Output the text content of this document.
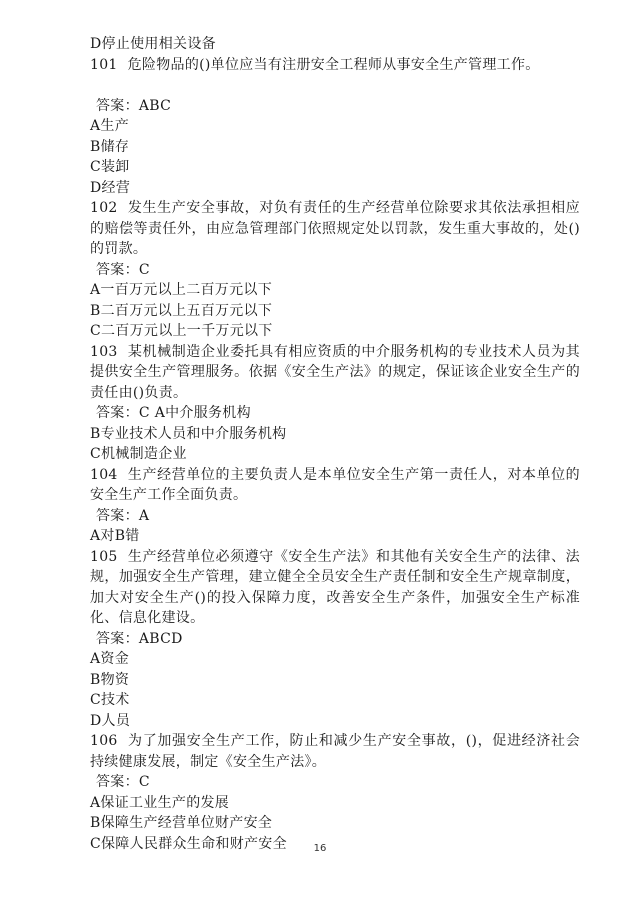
D停止使用相关设备
101 危险物品的()单位应当有注册安全工程师从事安全生产管理工作。
答案：ABC
A生产
B储存
C装卸
D经营
102 发生生产安全事故，对负有责任的生产经营单位除要求其依法承担相应的赔偿等责任外，由应急管理部门依照规定处以罚款，发生重大事故的，处()的罚款。
答案：C
A一百万元以上二百万元以下
B二百万元以上五百万元以下
C二百万元以上一千万元以下
103 某机械制造企业委托具有相应资质的中介服务机构的专业技术人员为其提供安全生产管理服务。依据《安全生产法》的规定，保证该企业安全生产的责任由()负责。
答案：C A中介服务机构
B专业技术人员和中介服务机构
C机械制造企业
104 生产经营单位的主要负责人是本单位安全生产第一责任人，对本单位的安全生产工作全面负责。
答案：A
A对B错
105 生产经营单位必须遵守《安全生产法》和其他有关安全生产的法律、法规，加强安全生产管理，建立健全全员安全生产责任制和安全生产规章制度，加大对安全生产()的投入保障力度，改善安全生产条件，加强安全生产标准化、信息化建设。
答案：ABCD
A资金
B物资
C技术
D人员
106 为了加强安全生产工作，防止和减少生产安全事故，()，促进经济社会持续健康发展，制定《安全生产法》。
答案：C
A保证工业生产的发展
B保障生产经营单位财产安全
C保障人民群众生命和财产安全	16
